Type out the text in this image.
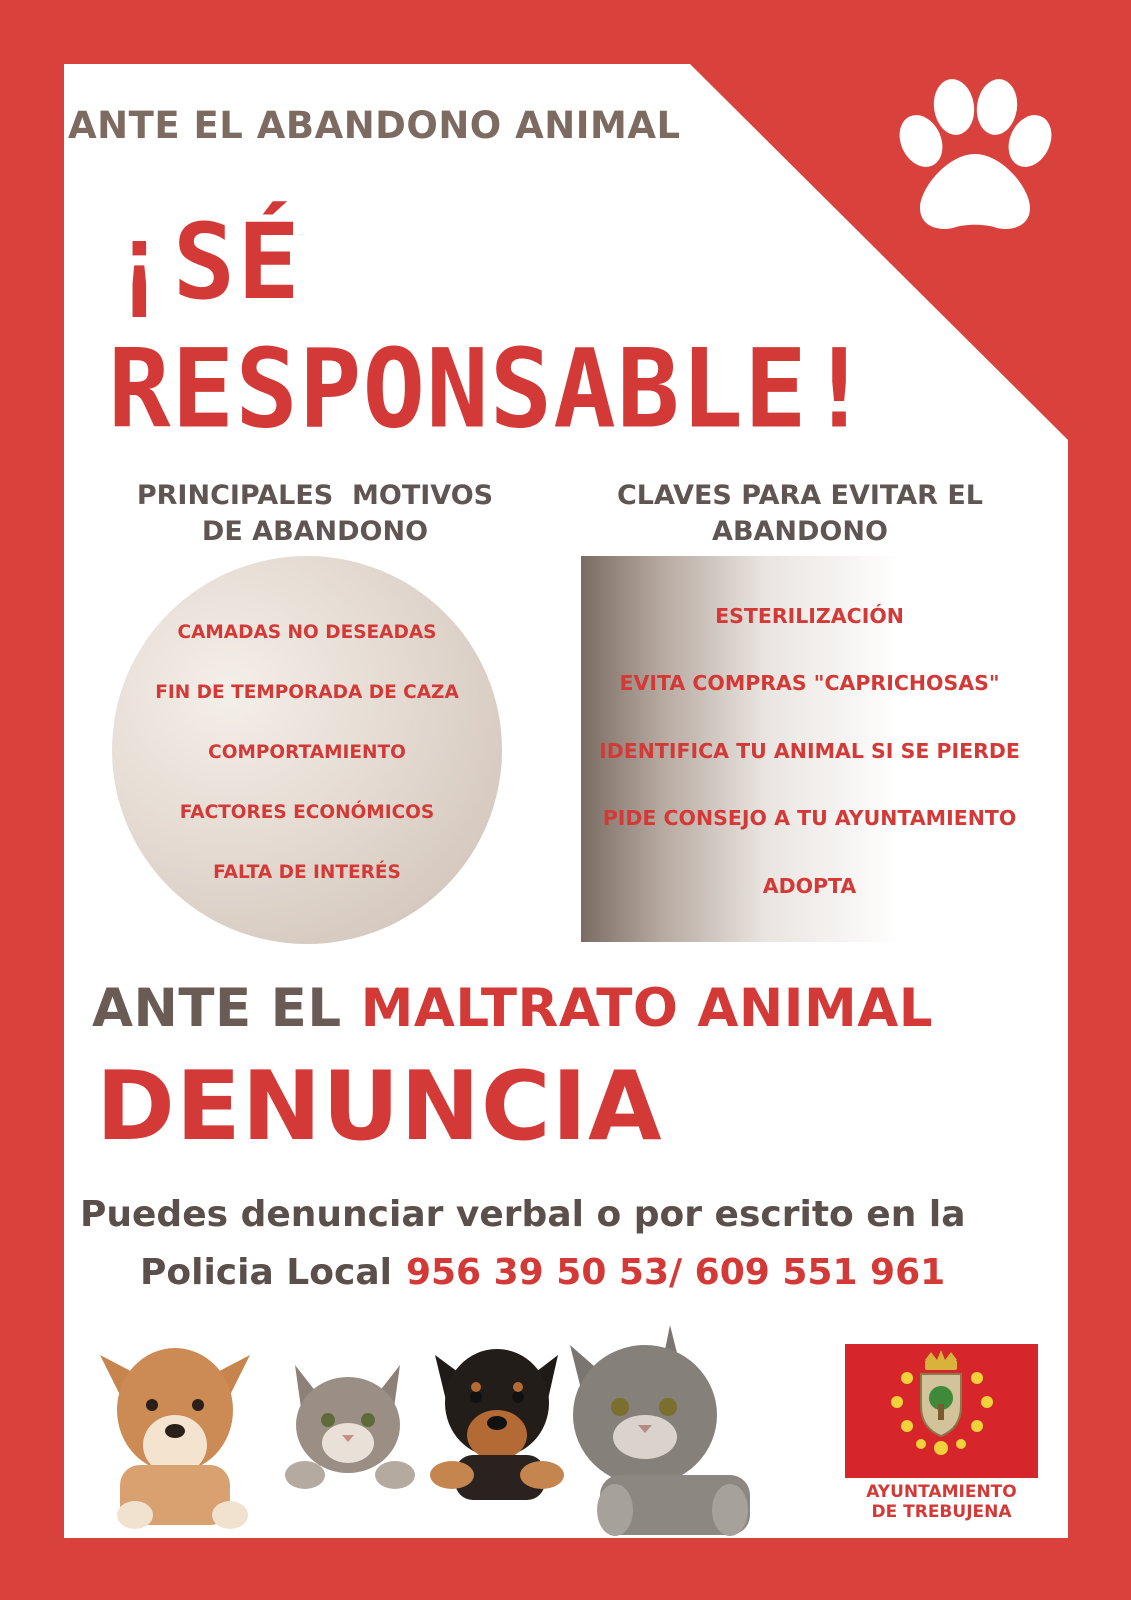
ANTE EL ABANDONO ANIMAL

¡SÉ
RESPONSABLE!
PRINCIPALES  MOTIVOS
DE ABANDONO
CLAVES PARA EVITAR EL
ABANDONO
CAMADAS NO DESEADAS
FIN DE TEMPORADA DE CAZA
COMPORTAMIENTO
FACTORES ECONÓMICOS
FALTA DE INTERÉS
ESTERILIZACIÓN
EVITA COMPRAS "CAPRICHOSAS"
IDENTIFICA TU ANIMAL SI SE PIERDE
PIDE CONSEJO A TU AYUNTAMIENTO
ADOPTA

ANTE EL MALTRATO ANIMAL

DENUNCIA

Puedes denunciar verbal o por escrito en la

Policia Local 956 39 50 53/ 609 551 961

AYUNTAMIENTO
DE TREBUJENA
